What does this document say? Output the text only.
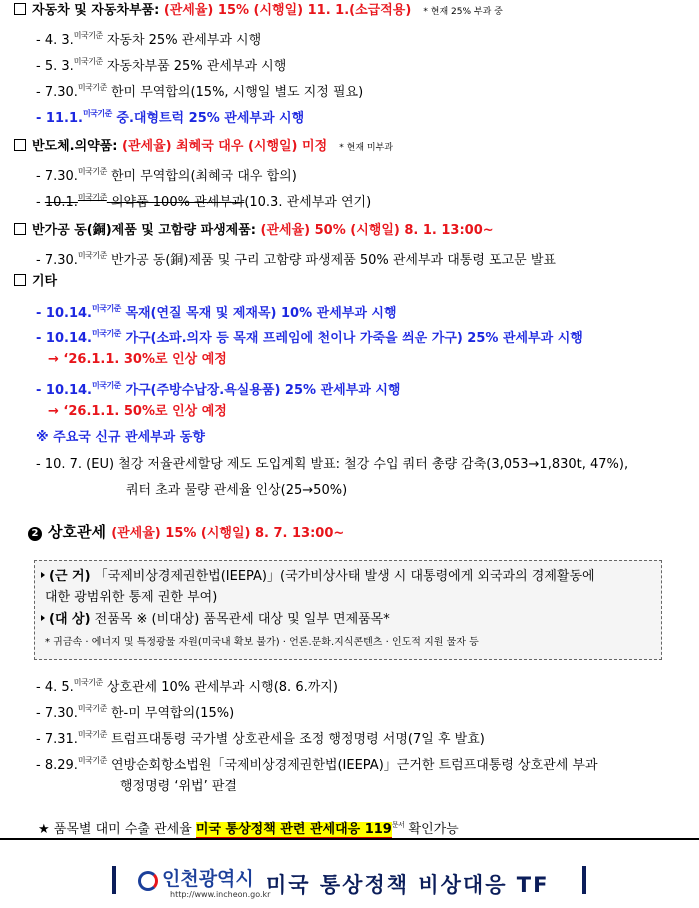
자동차 및 자동차부품: (관세율) 15% (시행일) 11. 1.(소급적용) * 현재 25% 부과 중
- 4. 3.$^{미국기준}$ 자동차 25% 관세부과 시행
- 5. 3.$^{미국기준}$ 자동차부품 25% 관세부과 시행
- 7.30.$^{미국기준}$ 한미 무역합의(15%, 시행일 별도 지정 필요)
- 11.1.$^{미국기준}$ 중.대형트럭 25% 관세부과 시행
반도체.의약품: (관세율) 최혜국 대우 (시행일) 미정 * 현재 미부과
- 7.30.$^{미국기준}$ 한미 무역합의(최혜국 대우 합의)
- 10.1.$^{미국기준}$ 의약품 100% 관세부과(10.3. 관세부과 연기)
반가공 동(銅)제품 및 고함량 파생제품: (관세율) 50% (시행일) 8. 1. 13:00~
- 7.30.$^{미국기준}$ 반가공 동(銅)제품 및 구리 고함량 파생제품 50% 관세부과 대통령 포고문 발표
기타
- 10.14.$^{미국기준}$ 목재(연질 목재 및 제재목) 10% 관세부과 시행
- 10.14.$^{미국기준}$ 가구(소파.의자 등 목재 프레임에 천이나 가죽을 씌운 가구) 25% 관세부과 시행
→ ‘26.1.1. 30%로 인상 예정
- 10.14.$^{미국기준}$ 가구(주방수납장.욕실용품) 25% 관세부과 시행
→ ‘26.1.1. 50%로 인상 예정
※ 주요국 신규 관세부과 동향
- 10. 7. (EU) 철강 저율관세할당 제도 도입계획 발표: 철강 수입 쿼터 총량 감축(3,053→1,830t, 47%),
쿼터 초과 물량 관세율 인상(25→50%)
2 상호관세 (관세율) 15% (시행일) 8. 7. 13:00~
(근 거) 「국제비상경제권한법(IEEPA)」(국가비상사태 발생 시 대통령에게 외국과의 경제활동에
대한 광범위한 통제 권한 부여)
(대 상) 전품목 ※ (비대상) 품목관세 대상 및 일부 면제품목*
* 귀금속 · 에너지 및 특정광물 자원(미국내 확보 불가) · 언론.문화.지식콘텐츠 · 인도적 지원 물자 등
- 4. 5.$^{미국기준}$ 상호관세 10% 관세부과 시행(8. 6.까지)
- 7.30.$^{미국기준}$ 한-미 무역합의(15%)
- 7.31.$^{미국기준}$ 트럼프대통령 국가별 상호관세을 조정 행정명령 서명(7일 후 발효)
- 8.29.$^{미국기준}$ 연방순회항소법원「국제비상경제권한법(IEEPA)」근거한 트럼프대통령 상호관세 부과
행정명령 ‘위법’ 판결
★ 품목별 대미 수출 관세율 미국 통상정책 관련 관세대응 $119^{문서}$ 확인가능
인천광역시
http://www.incheon.go.kr
미국 통상정책 비상대응 TF
